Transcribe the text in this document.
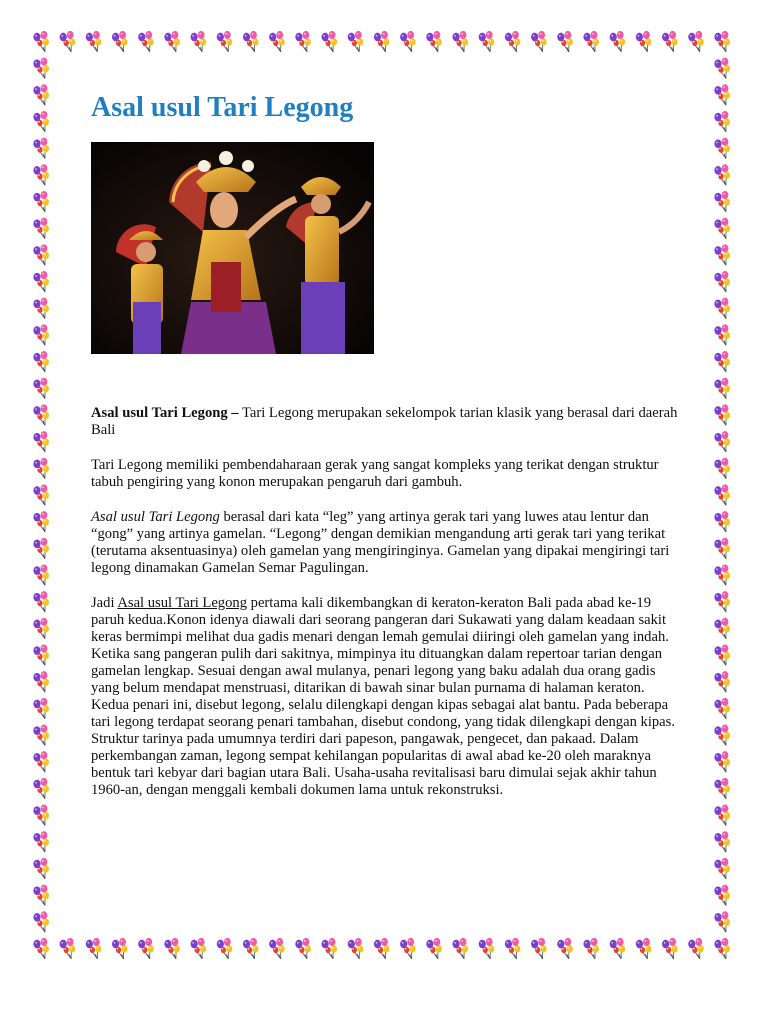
Asal usul Tari Legong

Asal usul Tari Legong – Tari Legong merupakan sekelompok tarian klasik yang berasal dari daerah Bali

Tari Legong memiliki pembendaharaan gerak yang sangat kompleks yang terikat dengan struktur tabuh pengiring yang konon merupakan pengaruh dari gambuh.

Asal usul Tari Legong berasal dari kata “leg” yang artinya gerak tari yang luwes atau lentur dan “gong” yang artinya gamelan. “Legong” dengan demikian mengandung arti gerak tari yang terikat (terutama aksentuasinya) oleh gamelan yang mengiringinya. Gamelan yang dipakai mengiringi tari legong dinamakan Gamelan Semar Pagulingan.

Jadi Asal usul Tari Legong pertama kali dikembangkan di keraton-keraton Bali pada abad ke-19 paruh kedua.Konon idenya diawali dari seorang pangeran dari Sukawati yang dalam keadaan sakit keras bermimpi melihat dua gadis menari dengan lemah gemulai diiringi oleh gamelan yang indah. Ketika sang pangeran pulih dari sakitnya, mimpinya itu dituangkan dalam repertoar tarian dengan gamelan lengkap. Sesuai dengan awal mulanya, penari legong yang baku adalah dua orang gadis yang belum mendapat menstruasi, ditarikan di bawah sinar bulan purnama di halaman keraton. Kedua penari ini, disebut legong, selalu dilengkapi dengan kipas sebagai alat bantu. Pada beberapa tari legong terdapat seorang penari tambahan, disebut condong, yang tidak dilengkapi dengan kipas. Struktur tarinya pada umumnya terdiri dari papeson, pangawak, pengecet, dan pakaad. Dalam perkembangan zaman, legong sempat kehilangan popularitas di awal abad ke-20 oleh maraknya bentuk tari kebyar dari bagian utara Bali. Usaha-usaha revitalisasi baru dimulai sejak akhir tahun 1960-an, dengan menggali kembali dokumen lama untuk rekonstruksi.
